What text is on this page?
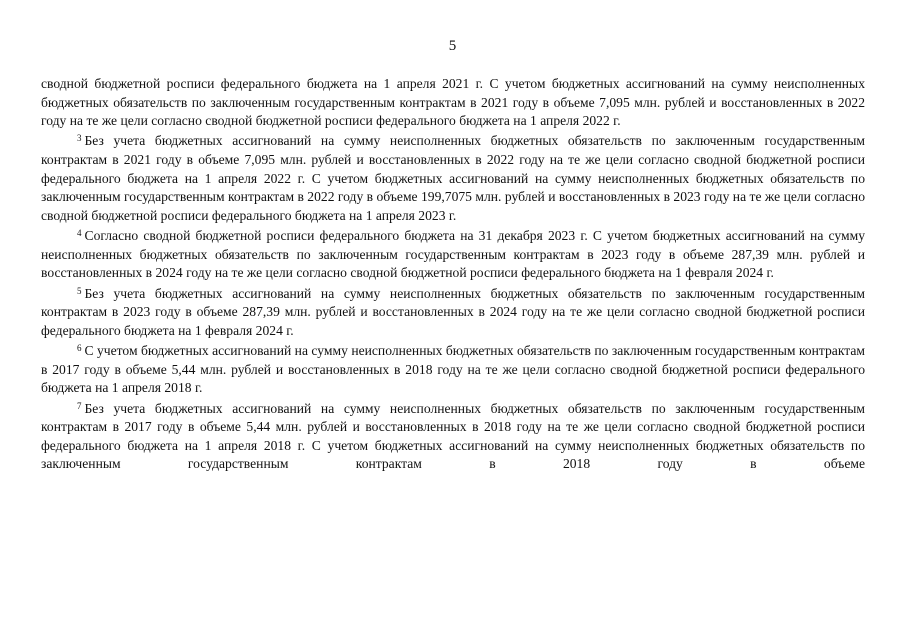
5

сводной бюджетной росписи федерального бюджета на 1 апреля 2021 г. С учетом бюджетных ассигнований на сумму неисполненных бюджетных обязательств по заключенным государственным контрактам в 2021 году в объеме 7,095 млн. рублей и восстановленных в 2022 году на те же цели согласно сводной бюджетной росписи федерального бюджета на 1 апреля 2022 г.

$^3$ Без учета бюджетных ассигнований на сумму неисполненных бюджетных обязательств по заключенным государственным контрактам в 2021 году в объеме 7,095 млн. рублей и восстановленных в 2022 году на те же цели согласно сводной бюджетной росписи федерального бюджета на 1 апреля 2022 г. С учетом бюджетных ассигнований на сумму неисполненных бюджетных обязательств по заключенным государственным контрактам в 2022 году в объеме 199,7075 млн. рублей и восстановленных в 2023 году на те же цели согласно сводной бюджетной росписи федерального бюджета на 1 апреля 2023 г.

$^4$ Согласно сводной бюджетной росписи федерального бюджета на 31 декабря 2023 г. С учетом бюджетных ассигнований на сумму неисполненных бюджетных обязательств по заключенным государственным контрактам в 2023 году в объеме 287,39 млн. рублей и восстановленных в 2024 году на те же цели согласно сводной бюджетной росписи федерального бюджета на 1 февраля 2024 г.

$^5$ Без учета бюджетных ассигнований на сумму неисполненных бюджетных обязательств по заключенным государственным контрактам в 2023 году в объеме 287,39 млн. рублей и восстановленных в 2024 году на те же цели согласно сводной бюджетной росписи федерального бюджета на 1 февраля 2024 г.

$^6$ С учетом бюджетных ассигнований на сумму неисполненных бюджетных обязательств по заключенным государственным контрактам в 2017 году в объеме 5,44 млн. рублей и восстановленных в 2018 году на те же цели согласно сводной бюджетной росписи федерального бюджета на 1 апреля 2018 г.

$^7$ Без учета бюджетных ассигнований на сумму неисполненных бюджетных обязательств по заключенным государственным контрактам в 2017 году в объеме 5,44 млн. рублей и восстановленных в 2018 году на те же цели согласно сводной бюджетной росписи федерального бюджета на 1 апреля 2018 г. С учетом бюджетных ассигнований на сумму неисполненных бюджетных обязательств по заключенным государственным контрактам в 2018 году в объеме
